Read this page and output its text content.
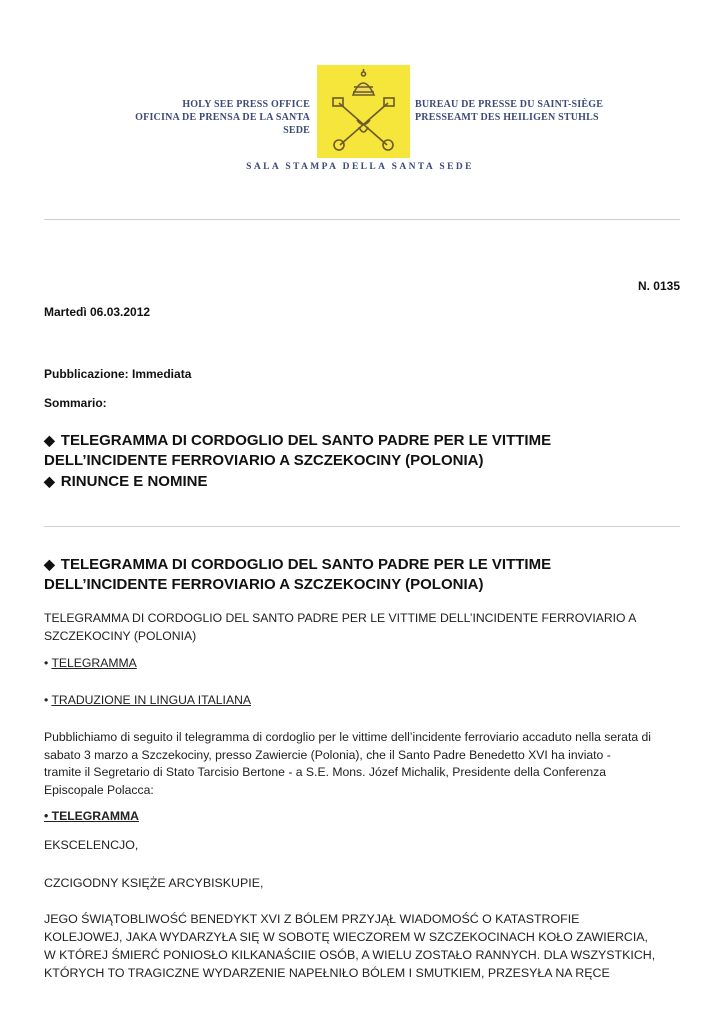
HOLY SEE PRESS OFFICE
OFICINA DE PRENSA DE LA SANTA SEDE
BUREAU DE PRESSE DU SAINT-SIÈGE
PRESSEAMT DES HEILIGEN STUHLS
SALA STAMPA DELLA SANTA SEDE
N. 0135
Martedì 06.03.2012
Pubblicazione: Immediata
Sommario:
◆ TELEGRAMMA DI CORDOGLIO DEL SANTO PADRE PER LE VITTIME
DELL’INCIDENTE FERROVIARIO A SZCZEKOCINY (POLONIA)
◆ RINUNCE E NOMINE
◆ TELEGRAMMA DI CORDOGLIO DEL SANTO PADRE PER LE VITTIME
DELL’INCIDENTE FERROVIARIO A SZCZEKOCINY (POLONIA)
TELEGRAMMA DI CORDOGLIO DEL SANTO PADRE PER LE VITTIME DELL’INCIDENTE FERROVIARIO A
SZCZEKOCINY (POLONIA)
• TELEGRAMMA
• TRADUZIONE IN LINGUA ITALIANA
Pubblichiamo di seguito il telegramma di cordoglio per le vittime dell’incidente ferroviario accaduto nella serata di
sabato 3 marzo a Szczekociny, presso Zawiercie (Polonia), che il Santo Padre Benedetto XVI ha inviato -
tramite il Segretario di Stato Tarcisio Bertone - a S.E. Mons. Józef Michalik, Presidente della Conferenza
Episcopale Polacca:
• TELEGRAMMA
EKSCELENCJO,
CZCIGODNY KSIĘŻE ARCYBISKUPIE,
JEGO ŚWIĄTOBLIWOŚĆ BENEDYKT XVI Z BÓLEM PRZYJĄŁ WIADOMOŚĆ O KATASTROFIE
KOLEJOWEJ, JAKA WYDARZYŁA SIĘ W SOBOTĘ WIECZOREM W SZCZEKOCINACH KOŁO ZAWIERCIA,
W KTÓREJ ŚMIERĆ PONIOSŁO KILKANAŚCIIE OSÓB, A WIELU ZOSTAŁO RANNYCH. DLA WSZYSTKICH,
KTÓRYCH TO TRAGICZNE WYDARZENIE NAPEŁNIŁO BÓLEM I SMUTKIEM, PRZESYŁA NA RĘCE
